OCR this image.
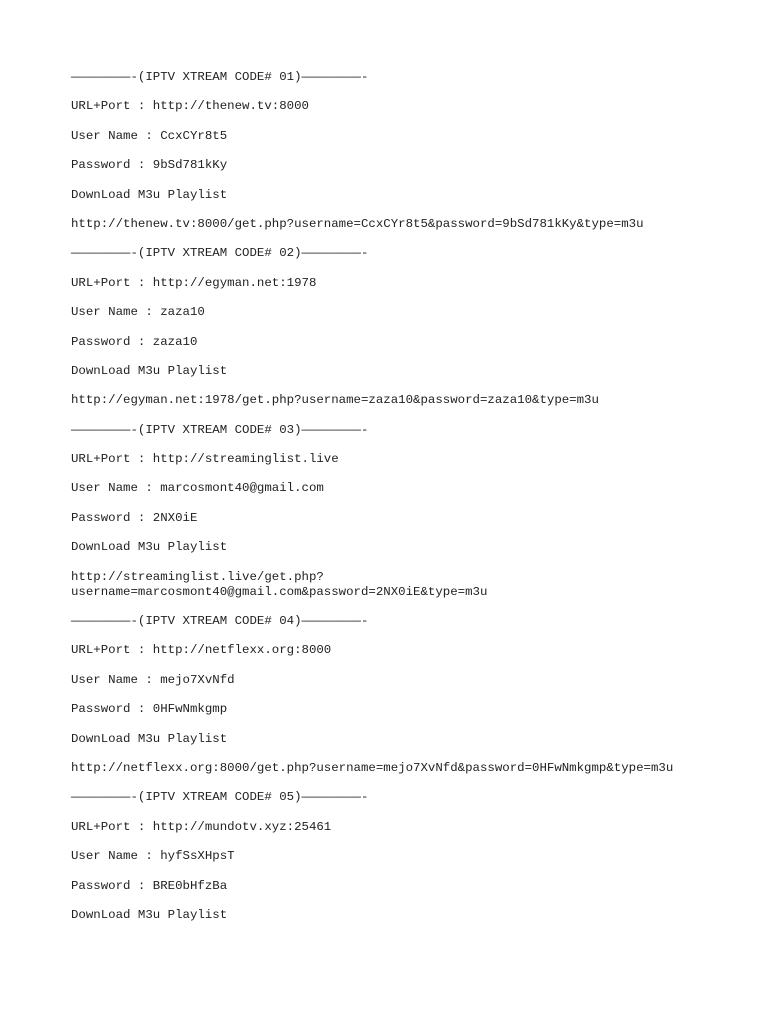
————————-(IPTV XTREAM CODE# 01)————————-

URL+Port : http://thenew.tv:8000

User Name : CcxCYr8t5

Password : 9bSd781kKy

DownLoad M3u Playlist

http://thenew.tv:8000/get.php?username=CcxCYr8t5&password=9bSd781kKy&type=m3u

————————-(IPTV XTREAM CODE# 02)————————-

URL+Port : http://egyman.net:1978

User Name : zaza10

Password : zaza10

DownLoad M3u Playlist

http://egyman.net:1978/get.php?username=zaza10&password=zaza10&type=m3u

————————-(IPTV XTREAM CODE# 03)————————-

URL+Port : http://streaminglist.live

User Name : marcosmont40@gmail.com

Password : 2NX0iE

DownLoad M3u Playlist

http://streaminglist.live/get.php?

username=marcosmont40@gmail.com&password=2NX0iE&type=m3u

————————-(IPTV XTREAM CODE# 04)————————-

URL+Port : http://netflexx.org:8000

User Name : mejo7XvNfd

Password : 0HFwNmkgmp

DownLoad M3u Playlist

http://netflexx.org:8000/get.php?username=mejo7XvNfd&password=0HFwNmkgmp&type=m3u

————————-(IPTV XTREAM CODE# 05)————————-

URL+Port : http://mundotv.xyz:25461

User Name : hyfSsXHpsT

Password : BRE0bHfzBa

DownLoad M3u Playlist
